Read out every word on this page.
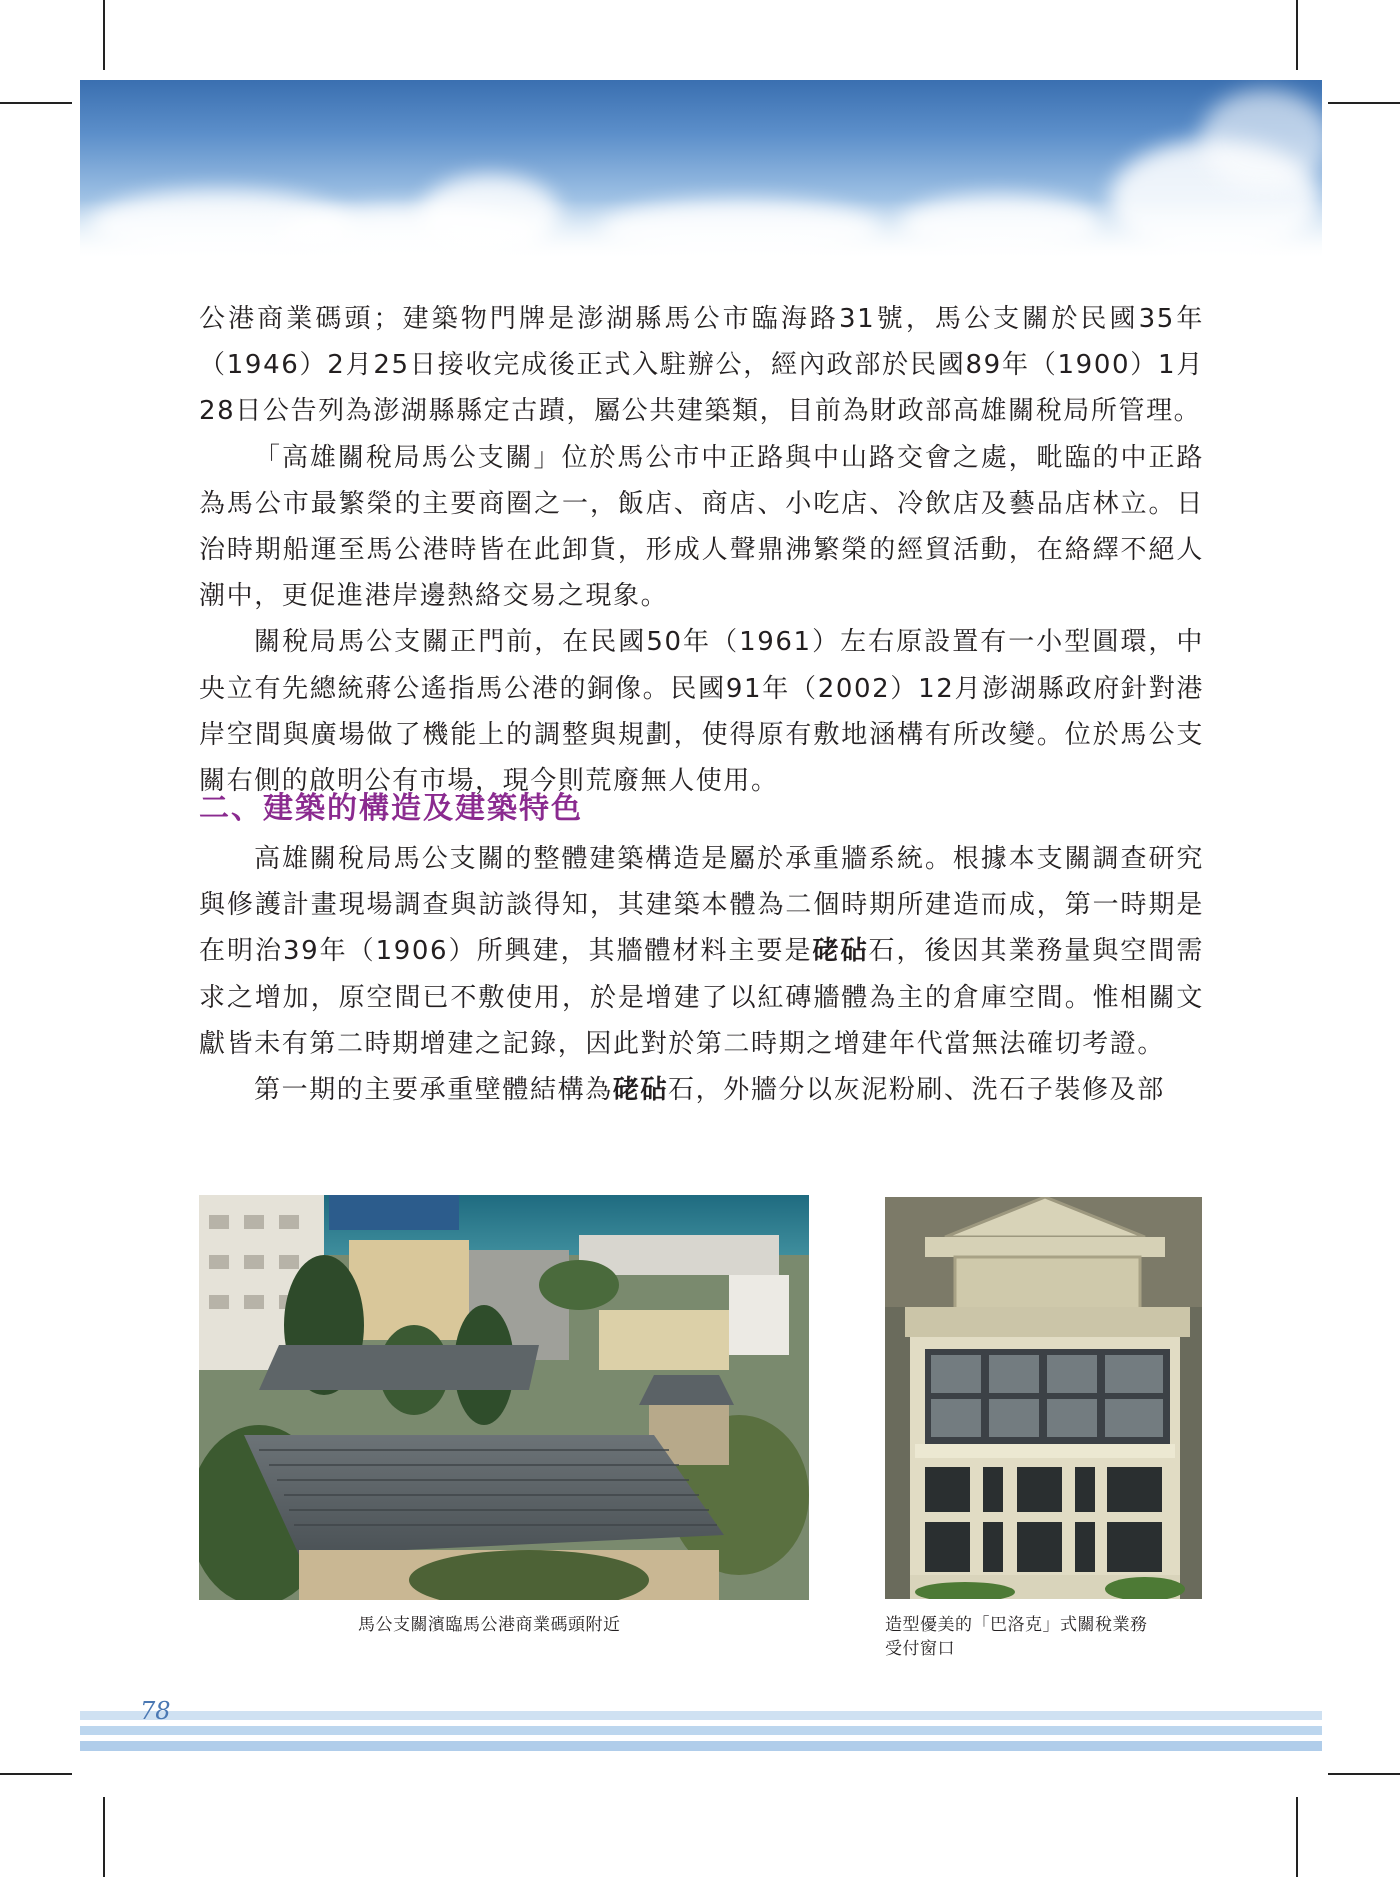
公港商業碼頭；建築物門牌是澎湖縣馬公市臨海路31號，馬公支關於民國35年（1946）2月25日接收完成後正式入駐辦公，經內政部於民國89年（1900）1月28日公告列為澎湖縣縣定古蹟，屬公共建築類，目前為財政部高雄關稅局所管理。

「高雄關稅局馬公支關」位於馬公市中正路與中山路交會之處，毗臨的中正路為馬公市最繁榮的主要商圈之一，飯店、商店、小吃店、冷飲店及藝品店林立。日治時期船運至馬公港時皆在此卸貨，形成人聲鼎沸繁榮的經貿活動，在絡繹不絕人潮中，更促進港岸邊熱絡交易之現象。

關稅局馬公支關正門前，在民國50年（1961）左右原設置有一小型圓環，中央立有先總統蔣公遙指馬公港的銅像。民國91年（2002）12月澎湖縣政府針對港岸空間與廣場做了機能上的調整與規劃，使得原有敷地涵構有所改變。位於馬公支關右側的啟明公有市場，現今則荒廢無人使用。

二、建築的構造及建築特色

高雄關稅局馬公支關的整體建築構造是屬於承重牆系統。根據本支關調查研究與修護計畫現場調查與訪談得知，其建築本體為二個時期所建造而成，第一時期是在明治39年（1906）所興建，其牆體材料主要是硓砧石，後因其業務量與空間需求之增加，原空間已不敷使用，於是增建了以紅磚牆體為主的倉庫空間。惟相關文獻皆未有第二時期增建之記錄，因此對於第二時期之增建年代當無法確切考證。

第一期的主要承重壁體結構為硓砧石，外牆分以灰泥粉刷、洗石子裝修及部

馬公支關濱臨馬公港商業碼頭附近	造型優美的「巴洛克」式關稅業務
受付窗口
78
